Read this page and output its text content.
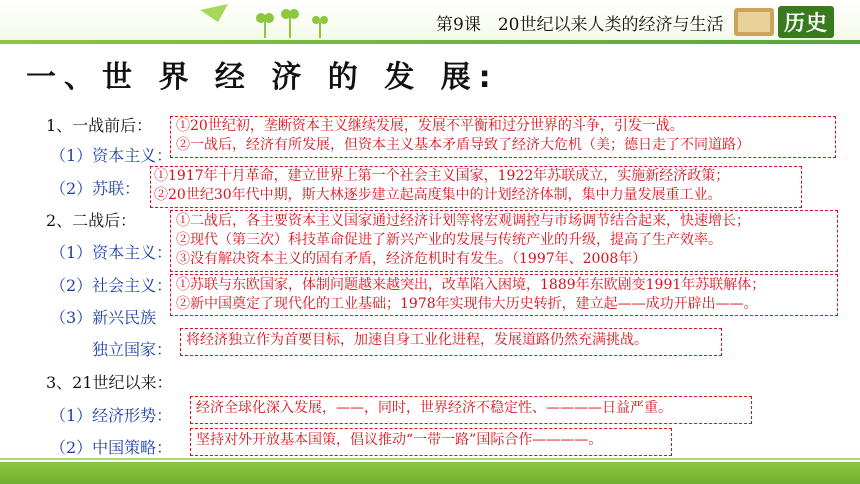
第9课　20世纪以来人类的经济与生活	历史
一、世 界 经 济 的 发 展:
1、一战前后：
（1）资本主义：
（2）苏联：
2、二战后：
（1）资本主义：
（2）社会主义：
（3）新兴民族
独立国家：
3、21世纪以来：
（1）经济形势：
（2）中国策略：
①20世纪初，垄断资本主义继续发展，发展不平衡和过分世界的斗争，引发一战。
②一战后，经济有所发展，但资本主义基本矛盾导致了经济大危机（美；德日走了不同道路）
①1917年十月革命，建立世界上第一个社会主义国家，1922年苏联成立，实施新经济政策；
②20世纪30年代中期，斯大林逐步建立起高度集中的计划经济体制，集中力量发展重工业。
①二战后，各主要资本主义国家通过经济计划等将宏观调控与市场调节结合起来，快速增长；
②现代（第三次）科技革命促进了新兴产业的发展与传统产业的升级，提高了生产效率。
③没有解决资本主义的固有矛盾，经济危机时有发生。（1997年、2008年）
①苏联与东欧国家，体制问题越来越突出，改革陷入困境，1889年东欧剧变1991年苏联解体；
②新中国奠定了现代化的工业基础；1978年实现伟大历史转折，建立起——成功开辟出——。
将经济独立作为首要目标，加速自身工业化进程，发展道路仍然充满挑战。
经济全球化深入发展，——，同时，世界经济不稳定性、————日益严重。
坚持对外开放基本国策，倡议推动“一带一路”国际合作————。
